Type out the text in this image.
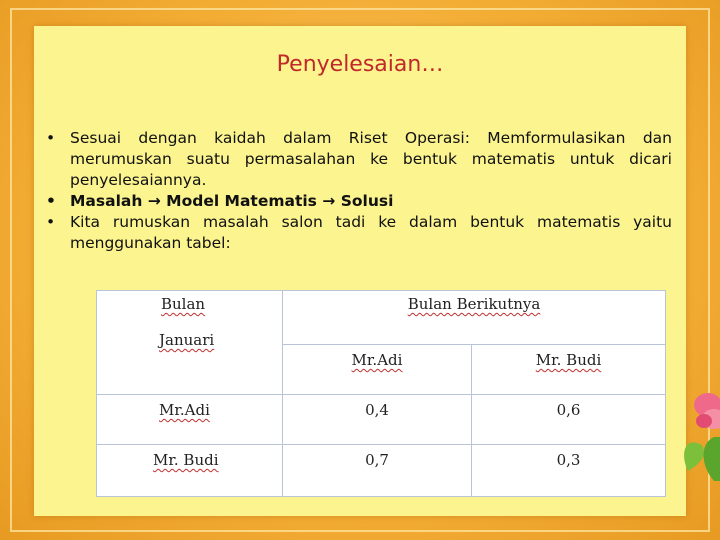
Penyelesaian…
• Sesuai dengan kaidah dalam Riset Operasi: Memformulasikan dan merumuskan suatu permasalahan ke bentuk matematis untuk dicari penyelesaiannya.
• Masalah → Model Matematis → Solusi
• Kita rumuskan masalah salon tadi ke dalam bentuk matematis yaitu menggunakan tabel:
Bulan
Januari	Bulan Berikutnya	
	Mr.Adi	Mr. Budi
Mr.Adi	0,4	0,6
Mr. Budi	0,7	0,3
